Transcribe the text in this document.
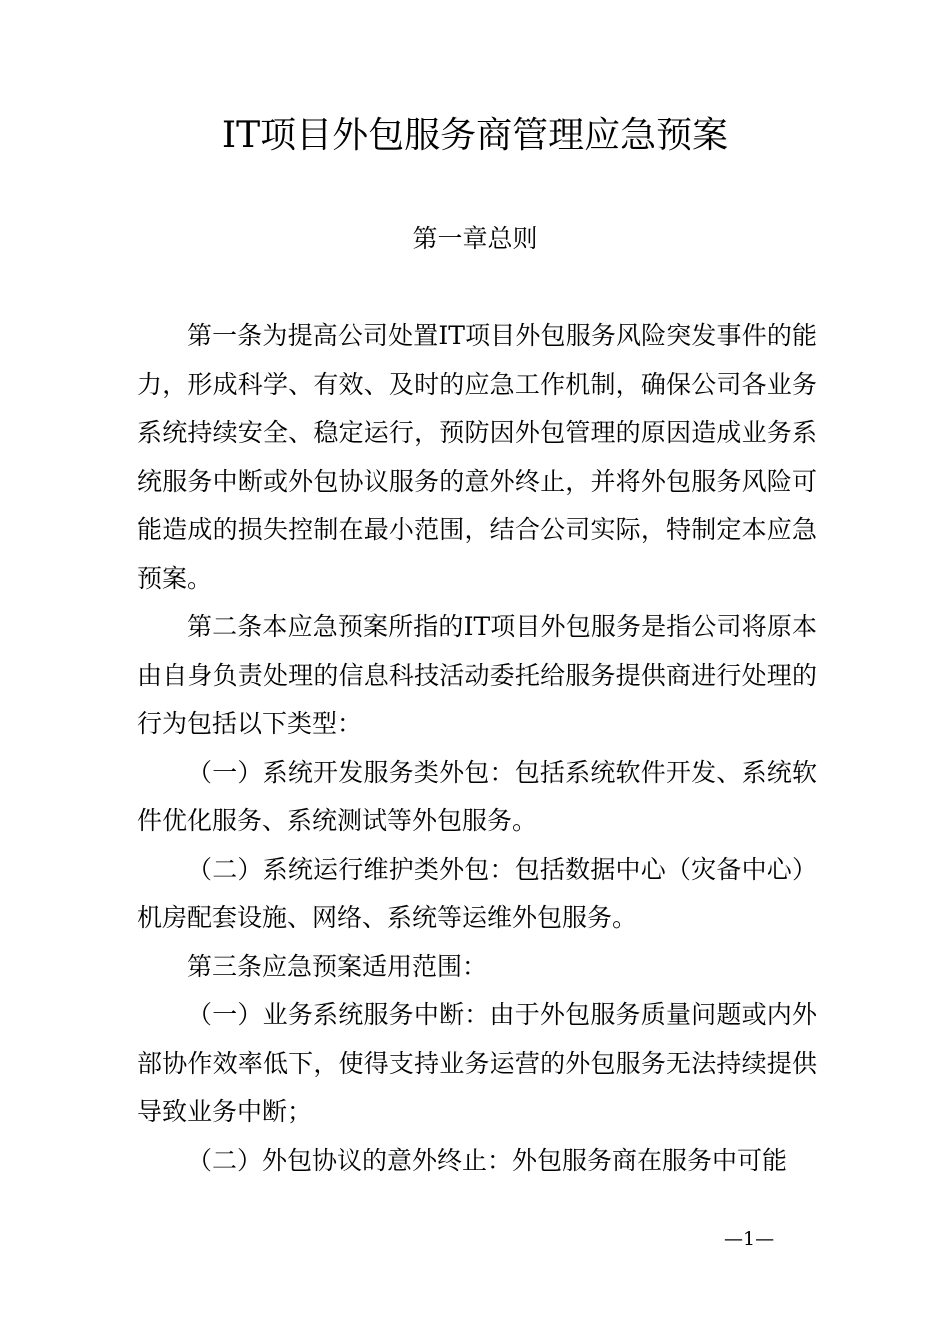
IT项目外包服务商管理应急预案
第一章总则

第一条为提高公司处置IT项目外包服务风险突发事件的能力，形成科学、有效、及时的应急工作机制，确保公司各业务系统持续安全、稳定运行，预防因外包管理的原因造成业务系统服务中断或外包协议服务的意外终止，并将外包服务风险可能造成的损失控制在最小范围，结合公司实际，特制定本应急预案。

第二条本应急预案所指的IT项目外包服务是指公司将原本由自身负责处理的信息科技活动委托给服务提供商进行处理的行为包括以下类型：

（一）系统开发服务类外包：包括系统软件开发、系统软件优化服务、系统测试等外包服务。

（二）系统运行维护类外包：包括数据中心（灾备中心）机房配套设施、网络、系统等运维外包服务。

第三条应急预案适用范围：

（一）业务系统服务中断：由于外包服务质量问题或内外部协作效率低下，使得支持业务运营的外包服务无法持续提供导致业务中断；

（二）外包协议的意外终止：外包服务商在服务中可能

—1—
